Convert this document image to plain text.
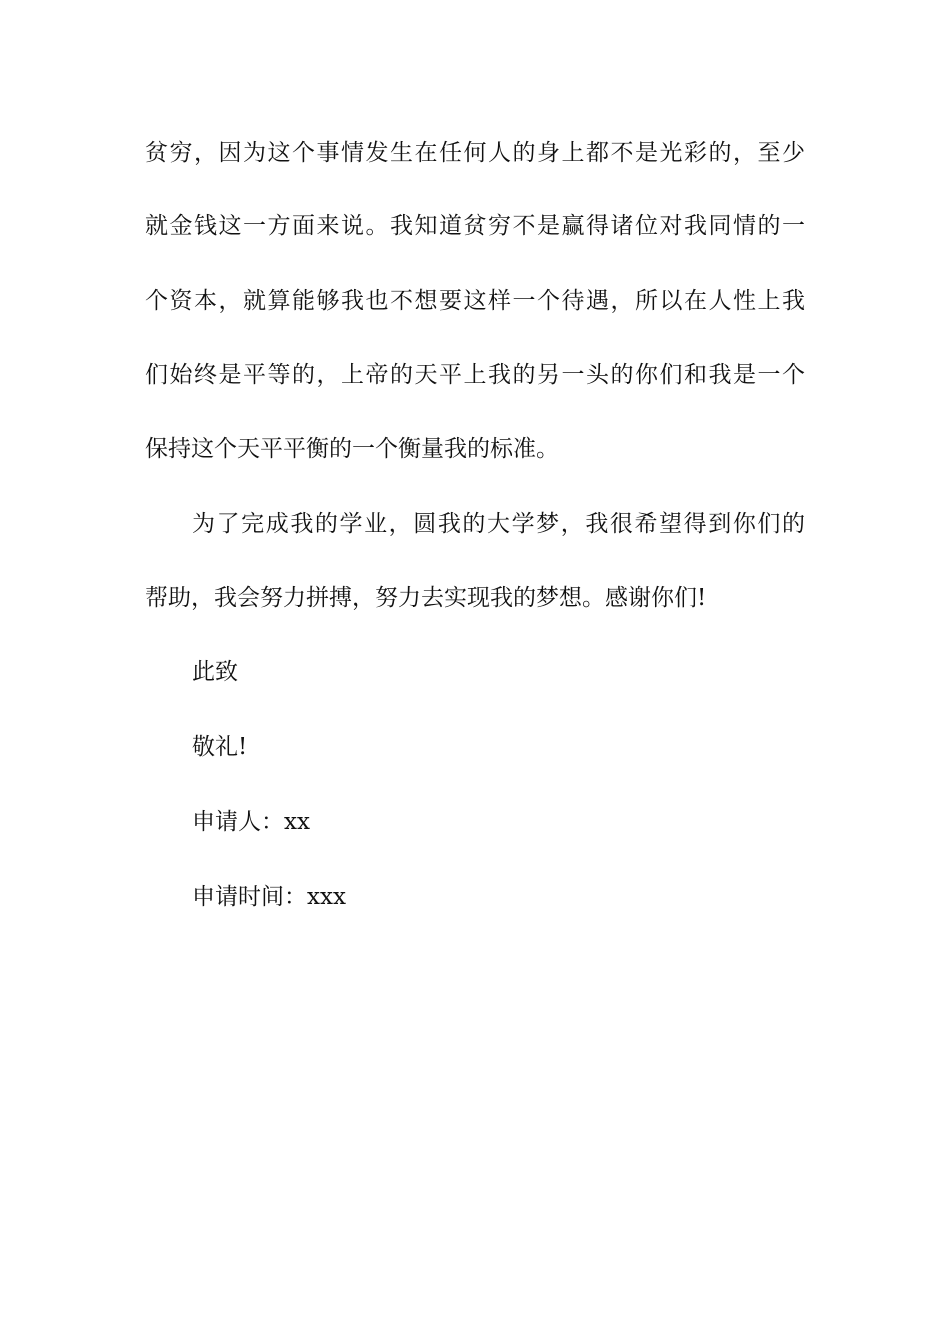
贫穷，因为这个事情发生在任何人的身上都不是光彩的，至少
就金钱这一方面来说。我知道贫穷不是赢得诸位对我同情的一
个资本，就算能够我也不想要这样一个待遇，所以在人性上我
们始终是平等的，上帝的天平上我的另一头的你们和我是一个
保持这个天平平衡的一个衡量我的标准。
为了完成我的学业，圆我的大学梦，我很希望得到你们的
帮助，我会努力拼搏，努力去实现我的梦想。感谢你们!
此致
敬礼!
申请人：xx
申请时间：xxx
